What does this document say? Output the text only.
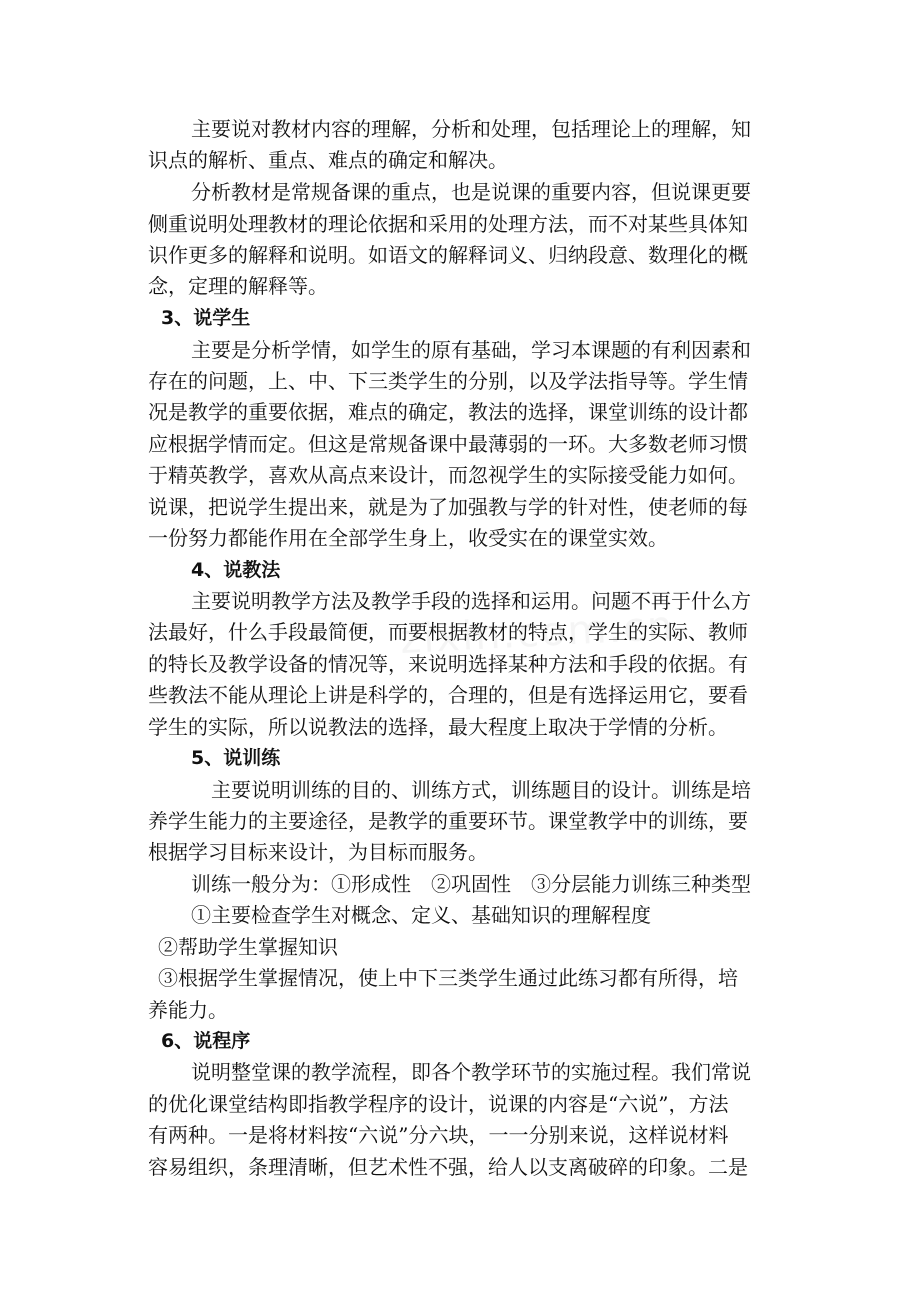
主要说对教材内容的理解，分析和处理，包括理论上的理解，知
识点的解析、重点、难点的确定和解决。
分析教材是常规备课的重点，也是说课的重要内容，但说课更要
侧重说明处理教材的理论依据和采用的处理方法，而不对某些具体知
识作更多的解释和说明。如语文的解释词义、归纳段意、数理化的概
念，定理的解释等。
3、说学生
主要是分析学情，如学生的原有基础，学习本课题的有利因素和
存在的问题，上、中、下三类学生的分别，以及学法指导等。学生情
况是教学的重要依据，难点的确定，教法的选择，课堂训练的设计都
应根据学情而定。但这是常规备课中最薄弱的一环。大多数老师习惯
于精英教学，喜欢从高点来设计，而忽视学生的实际接受能力如何。
说课，把说学生提出来，就是为了加强教与学的针对性，使老师的每
一份努力都能作用在全部学生身上，收受实在的课堂实效。
4、说教法
主要说明教学方法及教学手段的选择和运用。问题不再于什么方
法最好，什么手段最简便，而要根据教材的特点，学生的实际、教师
的特长及教学设备的情况等，来说明选择某种方法和手段的依据。有
些教法不能从理论上讲是科学的，合理的，但是有选择运用它，要看
学生的实际，所以说教法的选择，最大程度上取决于学情的分析。
5、说训练
主要说明训练的目的、训练方式，训练题目的设计。训练是培
养学生能力的主要途径，是教学的重要环节。课堂教学中的训练，要
根据学习目标来设计，为目标而服务。
训练一般分为：①形成性　②巩固性　③分层能力训练三种类型
①主要检查学生对概念、定义、基础知识的理解程度
②帮助学生掌握知识
③根据学生掌握情况，使上中下三类学生通过此练习都有所得，培
养能力。
6、说程序
说明整堂课的教学流程，即各个教学环节的实施过程。我们常说
的优化课堂结构即指教学程序的设计，说课的内容是“六说”，方法
有两种。一是将材料按“六说”分六块，一一分别来说，这样说材料
容易组织，条理清晰，但艺术性不强，给人以支离破碎的印象。二是
